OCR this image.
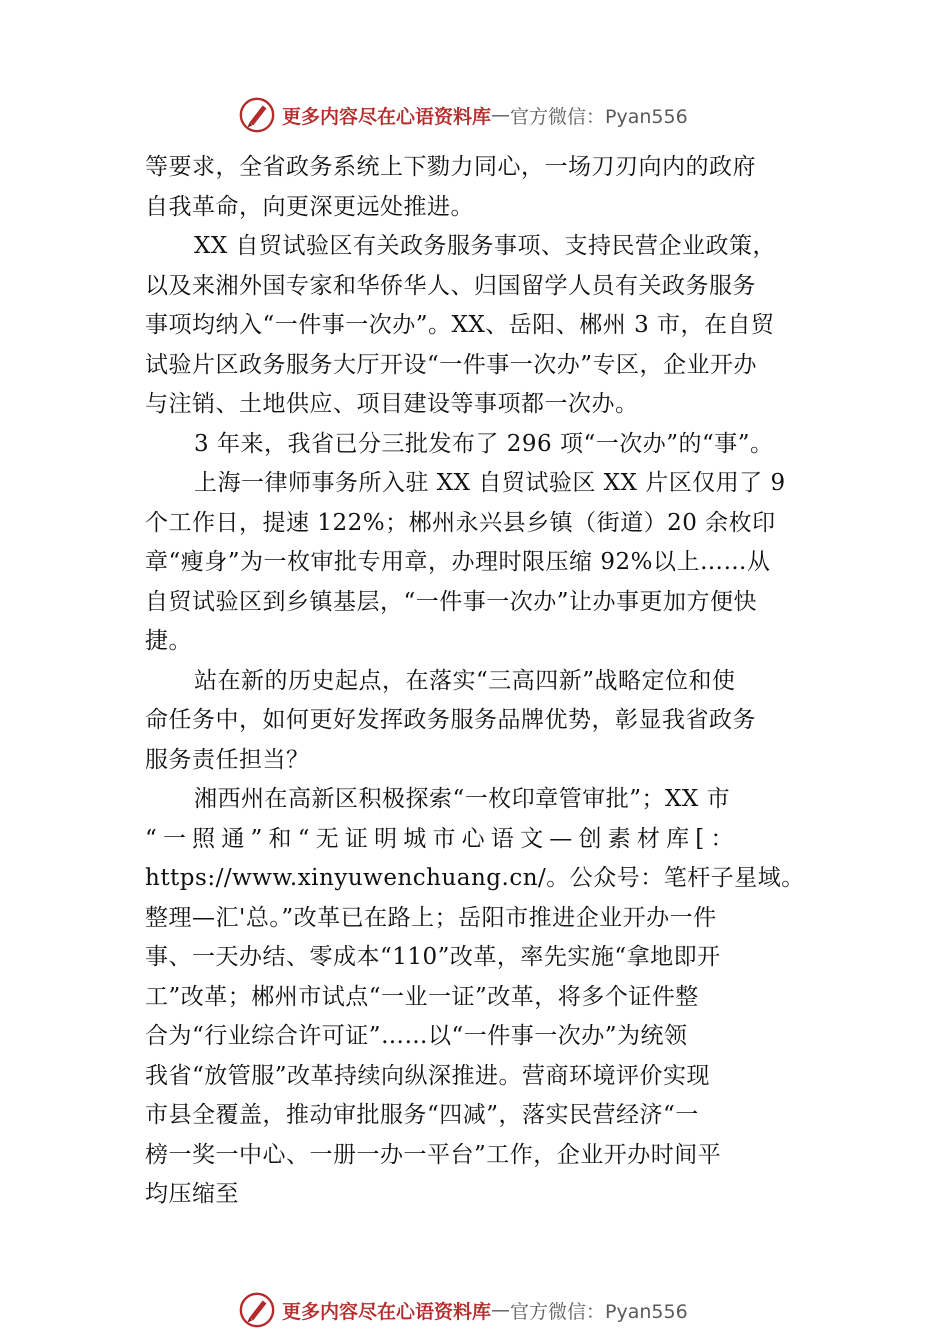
更多内容尽在心语资料库 — 官方微信：Pyan556
等要求，全省政务系统上下勠力同心，一场刀刃向内的政府
自我革命，向更深更远处推进。
XX 自贸试验区有关政务服务事项、支持民营企业政策，
以及来湘外国专家和华侨华人、归国留学人员有关政务服务
事项均纳入“一件事一次办”。XX、岳阳、郴州 3 市，在自贸
试验片区政务服务大厅开设“一件事一次办”专区，企业开办
与注销、土地供应、项目建设等事项都一次办。
3 年来，我省已分三批发布了 296 项“一次办”的“事”。
上海一律师事务所入驻 XX 自贸试验区 XX 片区仅用了 9
个工作日，提速 122%；郴州永兴县乡镇（街道）20 余枚印
章“瘦身”为一枚审批专用章，办理时限压缩 92%以上……从
自贸试验区到乡镇基层，“一件事一次办”让办事更加方便快
捷。
站在新的历史起点，在落实“三高四新”战略定位和使
命任务中，如何更好发挥政务服务品牌优势，彰显我省政务
服务责任担当？
湘西州在高新区积极探索“一枚印章管审批”；XX 市
“一照通”和“无证明城市心语文—创素材库[：
https://www.xinyuwenchuang.cn/。公众号：笔杆子星域。
整理—汇'总。”改革已在路上；岳阳市推进企业开办一件
事、一天办结、零成本“110”改革，率先实施“拿地即开
工”改革；郴州市试点“一业一证”改革，将多个证件整
合为“行业综合许可证”……以“一件事一次办”为统领
我省“放管服”改革持续向纵深推进。营商环境评价实现
市县全覆盖，推动审批服务“四减”，落实民营经济“一
榜一奖一中心、一册一办一平台”工作，企业开办时间平
均压缩至
更多内容尽在心语资料库 — 官方微信：Pyan556
